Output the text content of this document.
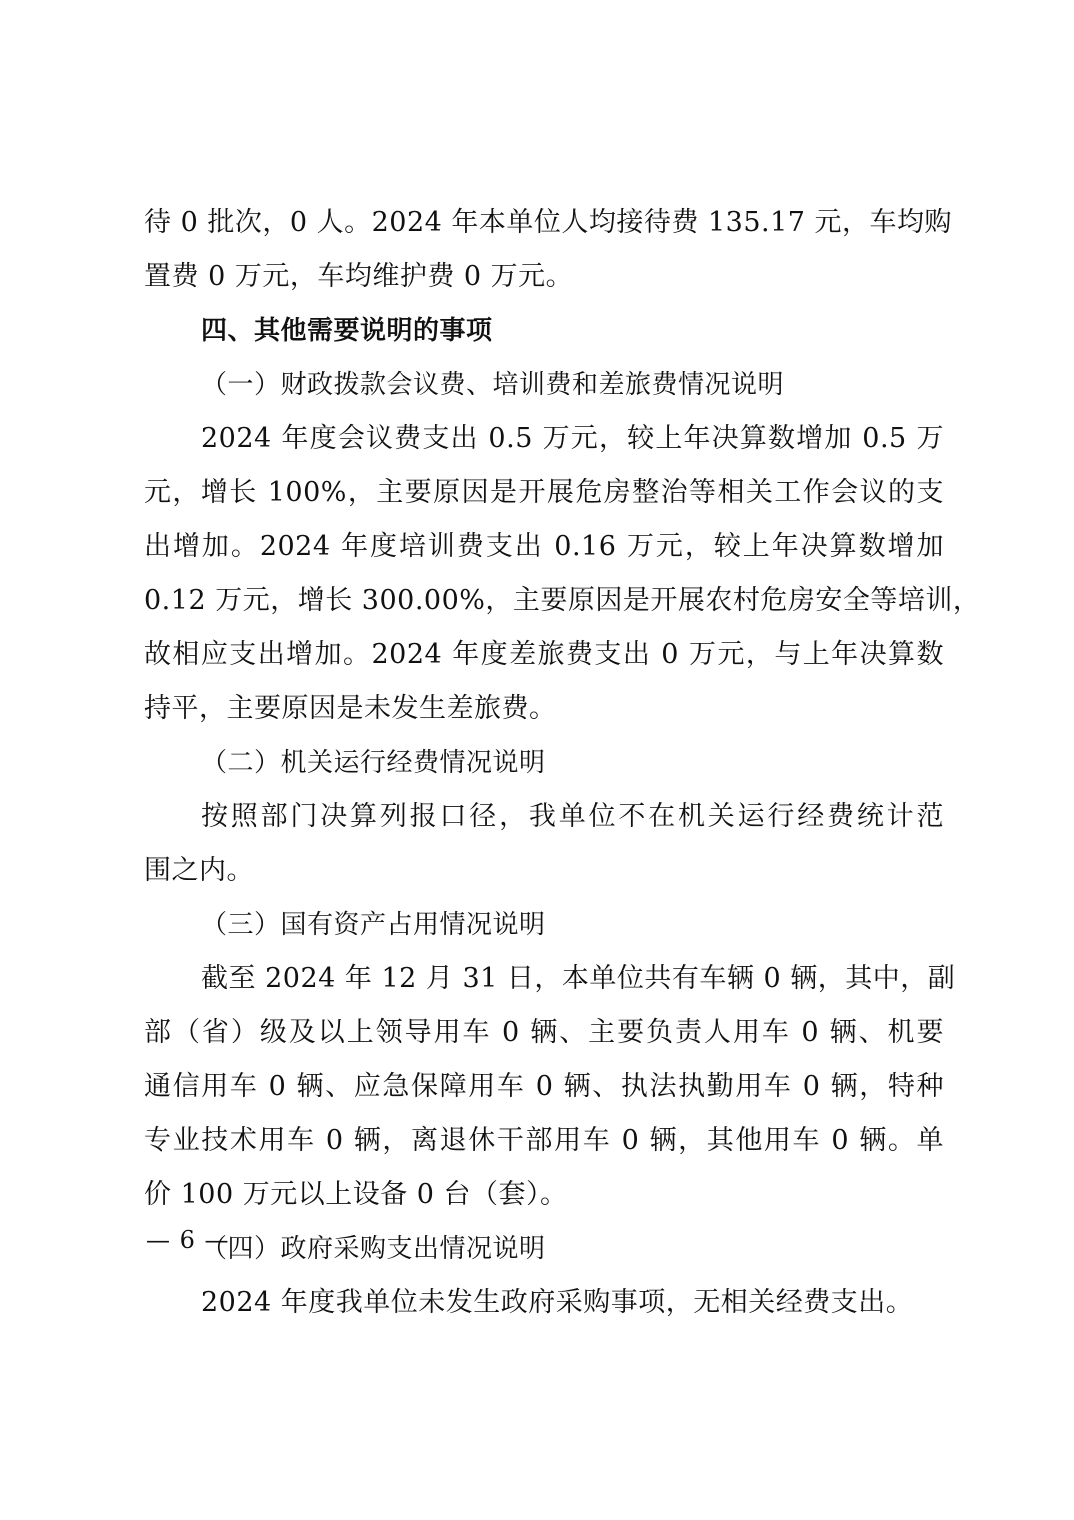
待 0 批次，0 人。2024 年本单位人均接待费 135.17 元，车均购
置费 0 万元，车均维护费 0 万元。
四、其他需要说明的事项
（一）财政拨款会议费、培训费和差旅费情况说明
2024 年度会议费支出 0.5 万元，较上年决算数增加 0.5 万
元，增长 100%，主要原因是开展危房整治等相关工作会议的支
出增加。2024 年度培训费支出 0.16 万元，较上年决算数增加
0.12 万元，增长 300.00%，主要原因是开展农村危房安全等培训，
故相应支出增加。2024 年度差旅费支出 0 万元，与上年决算数
持平，主要原因是未发生差旅费。
（二）机关运行经费情况说明
按照部门决算列报口径，我单位不在机关运行经费统计范
围之内。
（三）国有资产占用情况说明
截至 2024 年 12 月 31 日，本单位共有车辆 0 辆，其中，副
部（省）级及以上领导用车 0 辆、主要负责人用车 0 辆、机要
通信用车 0 辆、应急保障用车 0 辆、执法执勤用车 0 辆，特种
专业技术用车 0 辆，离退休干部用车 0 辆，其他用车 0 辆。单
价 100 万元以上设备 0 台（套）。
（四）政府采购支出情况说明
2024 年度我单位未发生政府采购事项，无相关经费支出。
— 6 —
